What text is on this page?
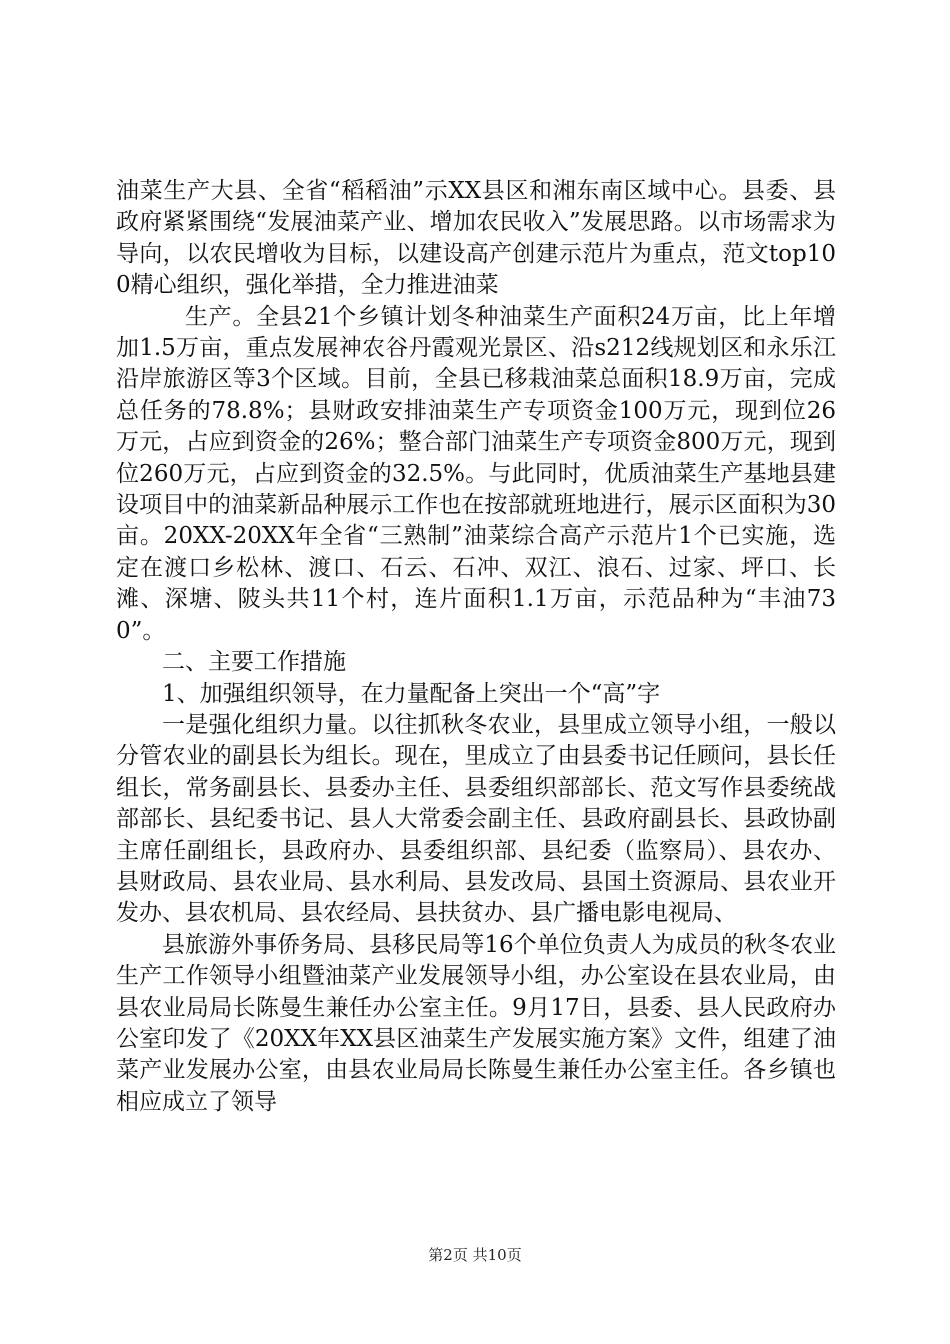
油菜生产大县、全省“稻稻油”示XX县区和湘东南区域中心。县委、县政府紧紧围绕“发展油菜产业、增加农民收入”发展思路。以市场需求为导向，以农民增收为目标，以建设高产创建示范片为重点，范文top100精心组织，强化举措，全力推进油菜

生产。全县21个乡镇计划冬种油菜生产面积24万亩，比上年增加1.5万亩，重点发展神农谷丹霞观光景区、沿s212线规划区和永乐江沿岸旅游区等3个区域。目前，全县已移栽油菜总面积18.9万亩，完成总任务的78.8%；县财政安排油菜生产专项资金100万元，现到位26万元，占应到资金的26%；整合部门油菜生产专项资金800万元，现到位260万元，占应到资金的32.5%。与此同时，优质油菜生产基地县建设项目中的油菜新品种展示工作也在按部就班地进行，展示区面积为30亩。20XX-20XX年全省“三熟制”油菜综合高产示范片1个已实施，选定在渡口乡松林、渡口、石云、石冲、双江、浪石、过家、坪口、长滩、深塘、陂头共11个村，连片面积1.1万亩，示范品种为“丰油730”。

二、主要工作措施

1、加强组织领导，在力量配备上突出一个“高”字

一是强化组织力量。以往抓秋冬农业，县里成立领导小组，一般以分管农业的副县长为组长。现在，里成立了由县委书记任顾问，县长任组长，常务副县长、县委办主任、县委组织部部长、范文写作县委统战部部长、县纪委书记、县人大常委会副主任、县政府副县长、县政协副主席任副组长，县政府办、县委组织部、县纪委（监察局）、县农办、县财政局、县农业局、县水利局、县发改局、县国土资源局、县农业开发办、县农机局、县农经局、县扶贫办、县广播电影电视局、

县旅游外事侨务局、县移民局等16个单位负责人为成员的秋冬农业生产工作领导小组暨油菜产业发展领导小组，办公室设在县农业局，由县农业局局长陈曼生兼任办公室主任。9月17日，县委、县人民政府办公室印发了《20XX年XX县区油菜生产发展实施方案》文件，组建了油菜产业发展办公室，由县农业局局长陈曼生兼任办公室主任。各乡镇也相应成立了领导

第2页 共10页
